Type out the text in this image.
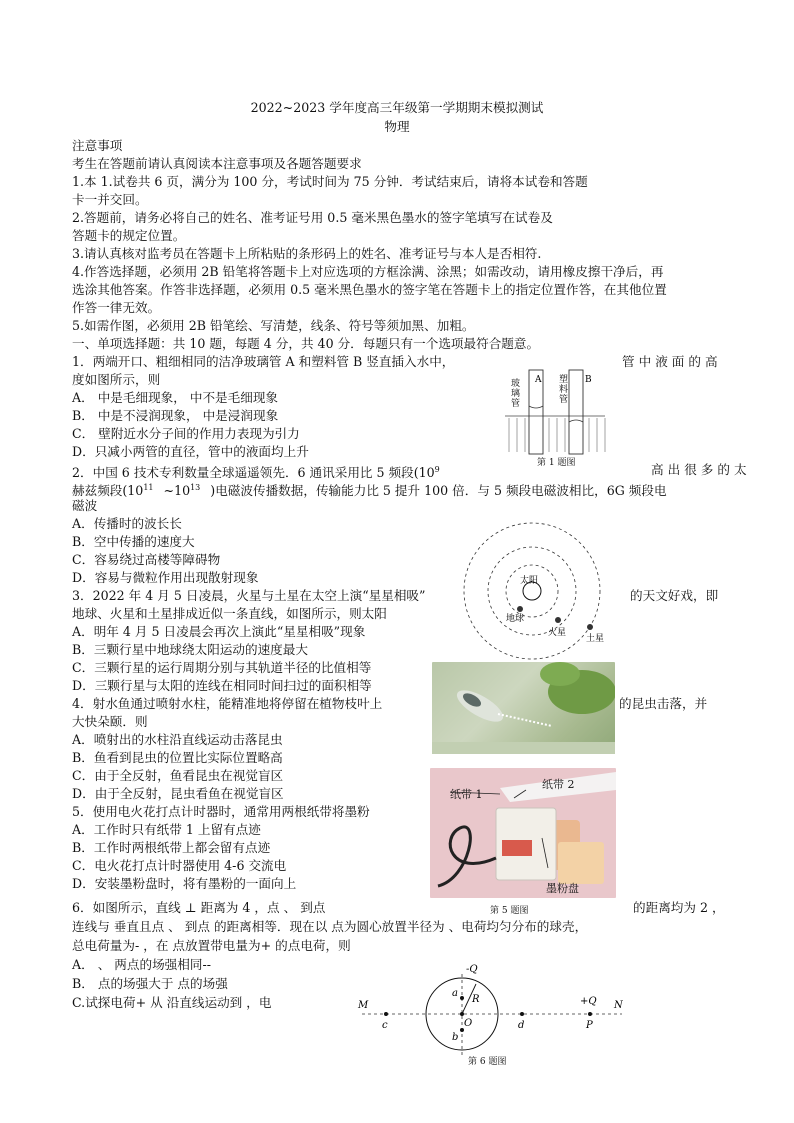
2022~2023 学年度高三年级第一学期期末模拟测试
物理
注意事项
考生在答题前请认真阅读本注意事项及各题答题要求
1.本 1.试卷共 6 页，满分为 100 分，考试时间为 75 分钟．考试结束后，请将本试卷和答题
卡一并交回。
2.答题前，请务必将自己的姓名、准考证号用 0.5 毫米黑色墨水的签字笔填写在试卷及
答题卡的规定位置。
3.请认真核对监考员在答题卡上所粘贴的条形码上的姓名、准考证号与本人是否相符.
4.作答选择题，必须用 2B 铅笔将答题卡上对应选项的方框涂满、涂黑；如需改动，请用橡皮擦干净后，再
选涂其他答案。作答非选择题，必须用 0.5 毫米黑色墨水的签字笔在答题卡上的指定位置作答，在其他位置
作答一律无效。
5.如需作图，必须用 2B 铅笔绘、写清楚，线条、符号等须加黑、加粗。
一、单项选择题：共 10 题，每题 4 分，共 40 分．每题只有一个选项最符合题意。
1．两端开口、粗细相同的洁净玻璃管 A 和塑料管 B 竖直插入水中，	管 中 液 面 的 高
度如图所示，则
A． 中是毛细现象， 中不是毛细现象
B． 中是不浸润现象， 中是浸润现象
C． 壁附近水分子间的作用力表现为引力
D．只减小两管的直径，管中的液面均上升
玻
璃
管
A 塑
料
管
B
第 1 题图
2．中国 6 技术专利数量全球遥遥领先．6 通讯采用比 5 频段($10^9$	高 出 很 多 的 太
赫兹频段($10^{11}$ $\sim 10^{13}$ )电磁波传播数据，传输能力比 5 提升 100 倍．与 5 频段电磁波相比，6G 频段电
磁波
A．传播时的波长长
B．空中传播的速度大
C．容易绕过高楼等障碍物
D．容易与微粒作用出现散射现象	太阳
地球
火星
土星
3．2022 年 4 月 5 日凌晨，火星与土星在太空上演“星星相吸”	的天文好戏，即
地球、火星和土星排成近似一条直线，如图所示，则太阳
A．明年 4 月 5 日凌晨会再次上演此“星星相吸”现象
B．三颗行星中地球绕太阳运动的速度最大
C．三颗行星的运行周期分别与其轨道半径的比值相等
D．三颗行星与太阳的连线在相同时间扫过的面积相等
4．射水鱼通过喷射水柱，能精准地将停留在植物枝叶上	的昆虫击落，并
大快朵颐．则
A．喷射出的水柱沿直线运动击落昆虫
B．鱼看到昆虫的位置比实际位置略高
C．由于全反射，鱼看昆虫在视觉盲区
D．由于全反射，昆虫看鱼在视觉盲区	纸带 1
纸带 2
墨粉盘
第 5 题图
5．使用电火花打点计时器时，通常用两根纸带将墨粉
A．工作时只有纸带 1 上留有点迹
B．工作时两根纸带上都会留有点迹
C．电火花打点计时器使用 4-6 交流电
D．安装墨粉盘时，将有墨粉的一面向上
6．如图所示，直线 ⊥ 距离为 4 ，点 、 到点	的距离均为 2 ，
连线与 垂直且点 、 到点 的距离相等．现在以 点为圆心放置半径为 、电荷均匀分布的球壳，
总电荷量为- ，在 点放置带电量为+ 的点电荷，则
A． 、 两点的场强相同--
B． 点的场强大于 点的场强
C.试探电荷+ 从 沿直线运动到 ，电
-Q
+Q
M	N
a
b
c	d
O
R
P
第 6 题图
